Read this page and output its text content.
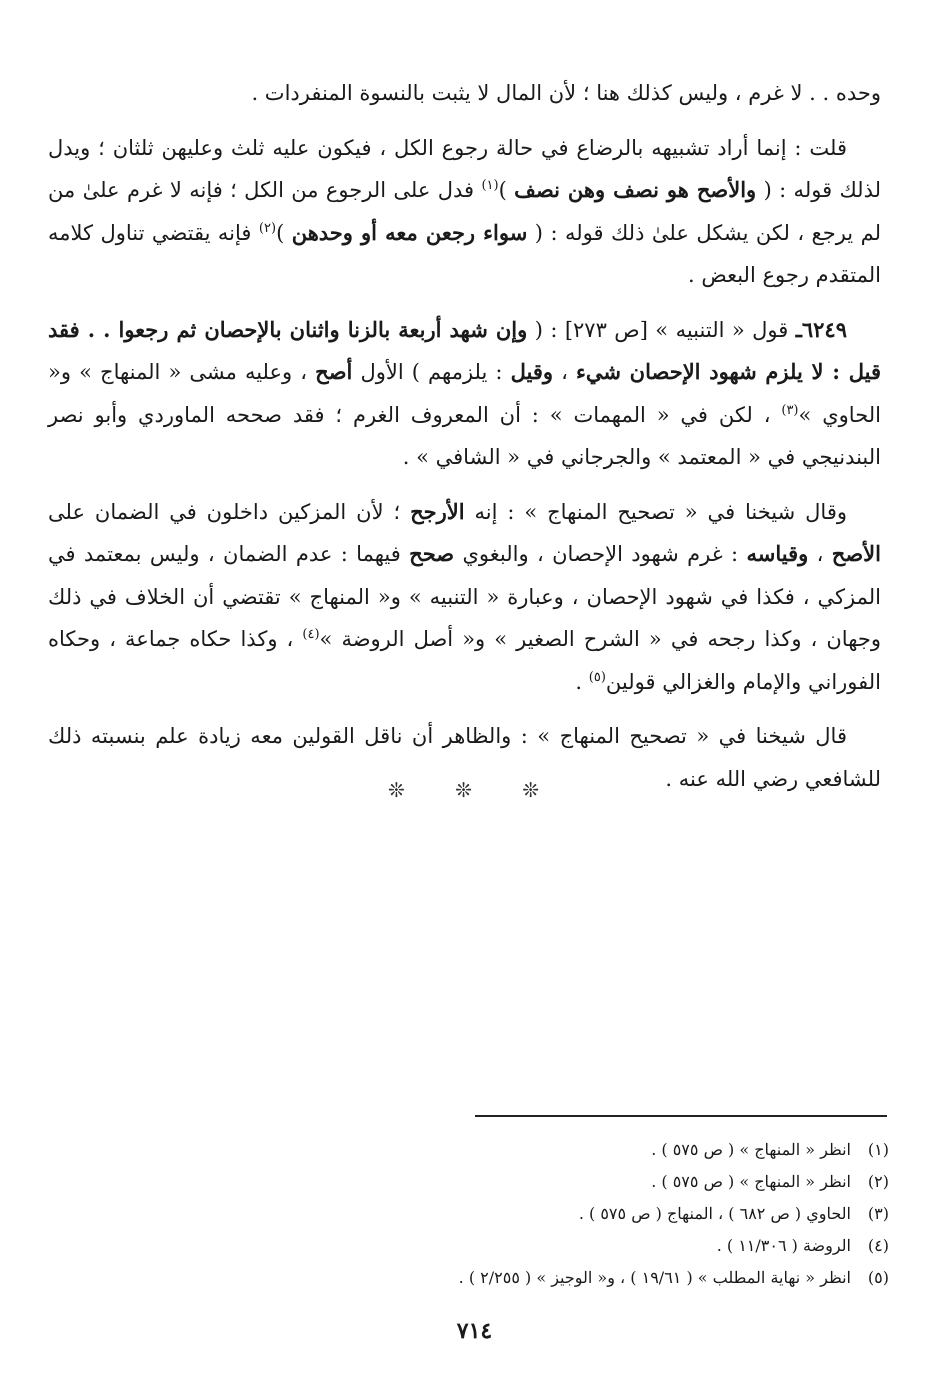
وحده . . لا غرم ، وليس كذلك هنا ؛ لأن المال لا يثبت بالنسوة المنفردات .

قلت : إنما أراد تشبيهه بالرضاع في حالة رجوع الكل ، فيكون عليه ثلث وعليهن ثلثان ؛ ويدل لذلك قوله : ( والأصح هو نصف وهن نصف )$^{(١)}$ فدل على الرجوع من الكل ؛ فإنه لا غرم علىٰ من لم يرجع ، لكن يشكل علىٰ ذلك قوله : ( سواء رجعن معه أو وحدهن )$^{(٢)}$ فإنه يقتضي تناول كلامه المتقدم رجوع البعض .

٦٢٤٩ـ قول « التنبيه » [ص ٢٧٣] : ( وإن شهد أربعة بالزنا واثنان بالإحصان ثم رجعوا . . فقد قيل : لا يلزم شهود الإحصان شيء ، وقيل : يلزمهم ) الأول أصح ، وعليه مشى « المنهاج » و« الحاوي »$^{(٣)}$ ، لكن في « المهمات » : أن المعروف الغرم ؛ فقد صححه الماوردي وأبو نصر البندنيجي في « المعتمد » والجرجاني في « الشافي » .

وقال شيخنا في « تصحيح المنهاج » : إنه الأرجح ؛ لأن المزكين داخلون في الضمان على الأصح ، وقياسه : غرم شهود الإحصان ، والبغوي صحح فيهما : عدم الضمان ، وليس بمعتمد في المزكي ، فكذا في شهود الإحصان ، وعبارة « التنبيه » و« المنهاج » تقتضي أن الخلاف في ذلك وجهان ، وكذا رجحه في « الشرح الصغير » و« أصل الروضة »$^{(٤)}$ ، وكذا حكاه جماعة ، وحكاه الفوراني والإمام والغزالي قولين$^{(٥)}$ .

قال شيخنا في « تصحيح المنهاج » : والظاهر أن ناقل القولين معه زيادة علم بنسبته ذلك للشافعي رضي الله عنه .

❊ ❊ ❊
(١)
انظر « المنهاج » ( ص ٥٧٥ ) .
(٢)
انظر « المنهاج » ( ص ٥٧٥ ) .
(٣)
الحاوي ( ص ٦٨٢ ) ، المنهاج ( ص ٥٧٥ ) .
(٤)
الروضة ( ١١/٣٠٦ ) .
(٥)
انظر « نهاية المطلب » ( ١٩/٦١ ) ، و« الوجيز » ( ٢/٢٥٥ ) .
٧١٤
